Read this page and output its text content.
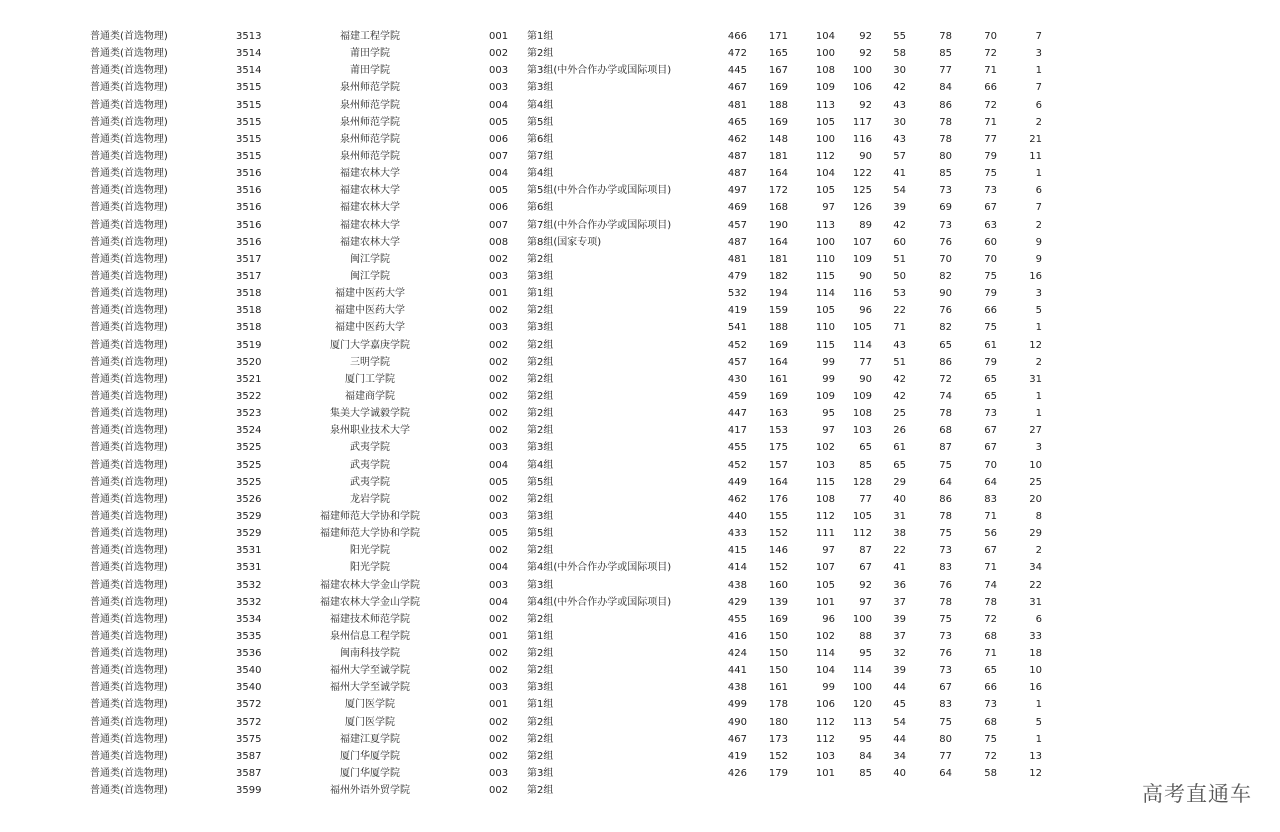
普通类(首选物理)	3513	福建工程学院	001 第1组	466	171	104	92	55	78	70	7
普通类(首选物理)	3514	莆田学院	002 第2组	472	165	100	92	58	85	72	3
普通类(首选物理)	3514	莆田学院	003 第3组(中外合作办学或国际项目)	445	167	108	100	30	77	71	1
普通类(首选物理)	3515	泉州师范学院	003 第3组	467	169	109	106	42	84	66	7
普通类(首选物理)	3515	泉州师范学院	004 第4组	481	188	113	92	43	86	72	6
普通类(首选物理)	3515	泉州师范学院	005 第5组	465	169	105	117	30	78	71	2
普通类(首选物理)	3515	泉州师范学院	006 第6组	462	148	100	116	43	78	77	21
普通类(首选物理)	3515	泉州师范学院	007 第7组	487	181	112	90	57	80	79	11
普通类(首选物理)	3516	福建农林大学	004 第4组	487	164	104	122	41	85	75	1
普通类(首选物理)	3516	福建农林大学	005 第5组(中外合作办学或国际项目)	497	172	105	125	54	73	73	6
普通类(首选物理)	3516	福建农林大学	006 第6组	469	168	97	126	39	69	67	7
普通类(首选物理)	3516	福建农林大学	007 第7组(中外合作办学或国际项目)	457	190	113	89	42	73	63	2
普通类(首选物理)	3516	福建农林大学	008 第8组(国家专项)	487	164	100	107	60	76	60	9
普通类(首选物理)	3517	闽江学院	002 第2组	481	181	110	109	51	70	70	9
普通类(首选物理)	3517	闽江学院	003 第3组	479	182	115	90	50	82	75	16
普通类(首选物理)	3518	福建中医药大学	001 第1组	532	194	114	116	53	90	79	3
普通类(首选物理)	3518	福建中医药大学	002 第2组	419	159	105	96	22	76	66	5
普通类(首选物理)	3518	福建中医药大学	003 第3组	541	188	110	105	71	82	75	1
普通类(首选物理)	3519	厦门大学嘉庚学院	002 第2组	452	169	115	114	43	65	61	12
普通类(首选物理)	3520	三明学院	002 第2组	457	164	99	77	51	86	79	2
普通类(首选物理)	3521	厦门工学院	002 第2组	430	161	99	90	42	72	65	31
普通类(首选物理)	3522	福建商学院	002 第2组	459	169	109	109	42	74	65	1
普通类(首选物理)	3523	集美大学诚毅学院	002 第2组	447	163	95	108	25	78	73	1
普通类(首选物理)	3524	泉州职业技术大学	002 第2组	417	153	97	103	26	68	67	27
普通类(首选物理)	3525	武夷学院	003 第3组	455	175	102	65	61	87	67	3
普通类(首选物理)	3525	武夷学院	004 第4组	452	157	103	85	65	75	70	10
普通类(首选物理)	3525	武夷学院	005 第5组	449	164	115	128	29	64	64	25
普通类(首选物理)	3526	龙岩学院	002 第2组	462	176	108	77	40	86	83	20
普通类(首选物理)	3529	福建师范大学协和学院	003 第3组	440	155	112	105	31	78	71	8
普通类(首选物理)	3529	福建师范大学协和学院	005 第5组	433	152	111	112	38	75	56	29
普通类(首选物理)	3531	阳光学院	002 第2组	415	146	97	87	22	73	67	2
普通类(首选物理)	3531	阳光学院	004 第4组(中外合作办学或国际项目)	414	152	107	67	41	83	71	34
普通类(首选物理)	3532	福建农林大学金山学院	003 第3组	438	160	105	92	36	76	74	22
普通类(首选物理)	3532	福建农林大学金山学院	004 第4组(中外合作办学或国际项目)	429	139	101	97	37	78	78	31
普通类(首选物理)	3534	福建技术师范学院	002 第2组	455	169	96	100	39	75	72	6
普通类(首选物理)	3535	泉州信息工程学院	001 第1组	416	150	102	88	37	73	68	33
普通类(首选物理)	3536	闽南科技学院	002 第2组	424	150	114	95	32	76	71	18
普通类(首选物理)	3540	福州大学至诚学院	002 第2组	441	150	104	114	39	73	65	10
普通类(首选物理)	3540	福州大学至诚学院	003 第3组	438	161	99	100	44	67	66	16
普通类(首选物理)	3572	厦门医学院	001 第1组	499	178	106	120	45	83	73	1
普通类(首选物理)	3572	厦门医学院	002 第2组	490	180	112	113	54	75	68	5
普通类(首选物理)	3575	福建江夏学院	002 第2组	467	173	112	95	44	80	75	1
普通类(首选物理)	3587	厦门华厦学院	002 第2组	419	152	103	84	34	77	72	13
普通类(首选物理)	3587	厦门华厦学院	003 第3组	426	179	101	85	40	64	58	12
普通类(首选物理)	3599	福州外语外贸学院	002 第2组	高考直通车
